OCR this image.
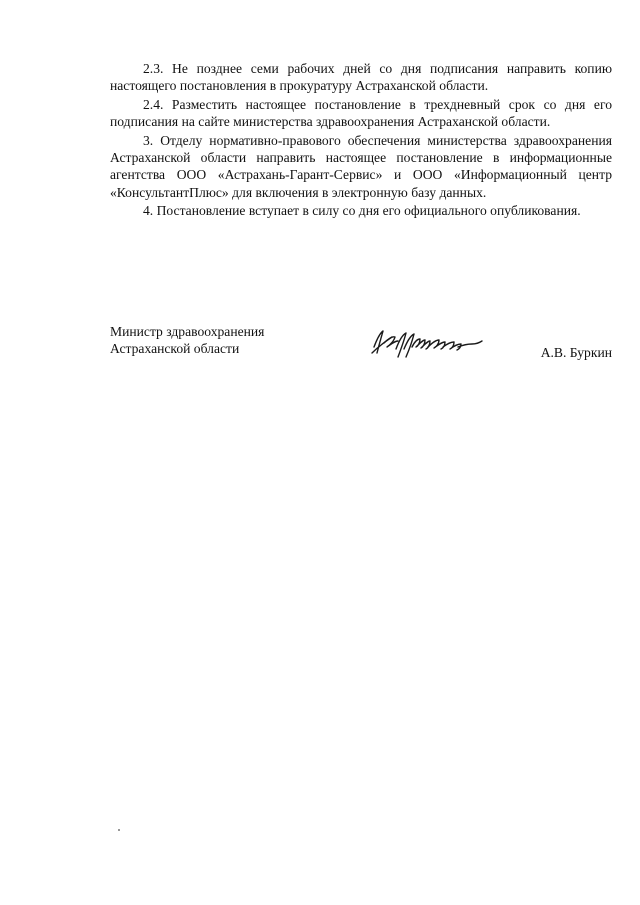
2.3. Не позднее семи рабочих дней со дня подписания направить копию настоящего постановления в прокуратуру Астраханской области.

2.4. Разместить настоящее постановление в трехдневный срок со дня его подписания на сайте министерства здравоохранения Астраханской области.

3. Отделу нормативно-правового обеспечения министерства здравоохранения Астраханской области направить настоящее постановление в информационные агентства ООО «Астрахань-Гарант-Сервис» и ООО «Информационный центр «КонсультантПлюс» для включения в электронную базу данных.

4. Постановление вступает в силу со дня его официального опубликования.

Министр здравоохранения
Астраханской области	А.В. Буркин
